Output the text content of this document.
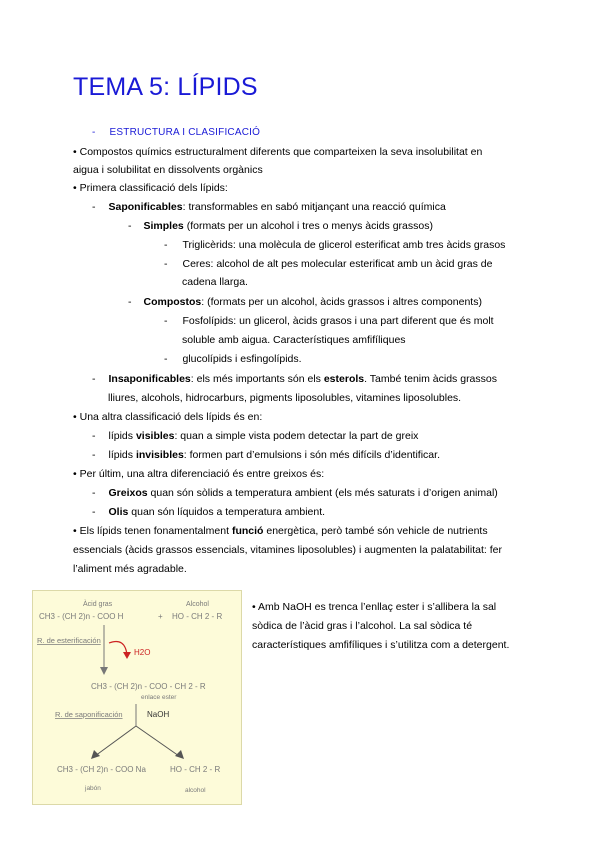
TEMA 5: LÍPIDS
- ESTRUCTURA I CLASIFICACIÓ
• Compostos químics estructuralment diferents que comparteixen la seva insolubilitat en
aigua i solubilitat en dissolvents orgànics
• Primera classificació dels lípids:
- Saponificables: transformables en sabó mitjançant una reacció química
- Simples (formats per un alcohol i tres o menys àcids grassos)
- Triglicèrids: una molècula de glicerol esterificat amb tres àcids grasos
- Ceres: alcohol de alt pes molecular esterificat amb un àcid gras de
cadena llarga.
- Compostos: (formats per un alcohol, àcids grassos i altres components)
- Fosfolípids: un glicerol, àcids grasos i una part diferent que és molt
soluble amb aigua. Característiques amfifíliques
- glucolípids i esfingolípids.
- Insaponificables: els més importants són els esterols. També tenim àcids grassos
lliures, alcohols, hidrocarburs, pigments liposolubles, vitamines liposolubles.
• Una altra classificació dels lípids és en:
- lípids visibles: quan a simple vista podem detectar la part de greix
- lípids invisibles: formen part d’emulsions i són més difícils d’identificar.
• Per últim, una altra diferenciació és entre greixos és:
- Greixos quan són sòlids a temperatura ambient (els més saturats i d’origen animal)
- Olis quan són líquidos a temperatura ambient.
• Els lípids tenen fonamentalment funció energètica, però també són vehicle de nutrients
essencials (àcids grassos essencials, vitamines liposolubles) i augmenten la palatabilitat: fer
l’aliment més agradable.
Àcid gras	Alcohol
CH3 - (CH 2)n - COO H	+ HO - CH 2 - R
R. de esterificación
H2O
CH3 - (CH 2)n - COO - CH 2 - R
enlace ester
R. de saponificación	NaOH
CH3 - (CH 2)n - COO Na	HO - CH 2 - R
jabón	alcohol
• Amb NaOH es trenca l’enllaç ester i s’allibera la sal
sòdica de l’àcid gras i l’alcohol. La sal sòdica té
característiques amfifíliques i s’utilitza com a detergent.
